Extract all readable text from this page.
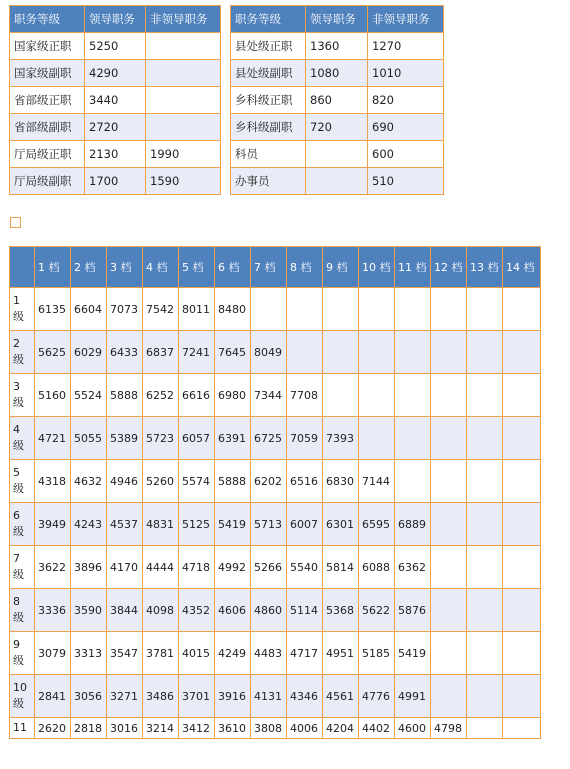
职务等级	领导职务	非领导职务		职务等级	领导职务	非领导职务
国家级正职	5250			县处级正职	1360	1270
国家级副职	4290			县处级副职	1080	1010
省部级正职	3440			乡科级正职	860	820
省部级副职	2720			乡科级副职	720	690
厅局级正职	2130	1990		科员		600
厅局级副职	1700	1590		办事员		510
	1 档	2 档	3 档	4 档	5 档	6 档	7 档	8 档	9 档	10 档	11 档	12 档	13 档	14 档
1 级	6135	6604	7073	7542	8011	8480								
2 级	5625	6029	6433	6837	7241	7645	8049							
3 级	5160	5524	5888	6252	6616	6980	7344	7708						
4 级	4721	5055	5389	5723	6057	6391	6725	7059	7393					
5 级	4318	4632	4946	5260	5574	5888	6202	6516	6830	7144				
6 级	3949	4243	4537	4831	5125	5419	5713	6007	6301	6595	6889			
7 级	3622	3896	4170	4444	4718	4992	5266	5540	5814	6088	6362			
8 级	3336	3590	3844	4098	4352	4606	4860	5114	5368	5622	5876			
9 级	3079	3313	3547	3781	4015	4249	4483	4717	4951	5185	5419			
10 级	2841	3056	3271	3486	3701	3916	4131	4346	4561	4776	4991			
11	2620	2818	3016	3214	3412	3610	3808	4006	4204	4402	4600	4798		
